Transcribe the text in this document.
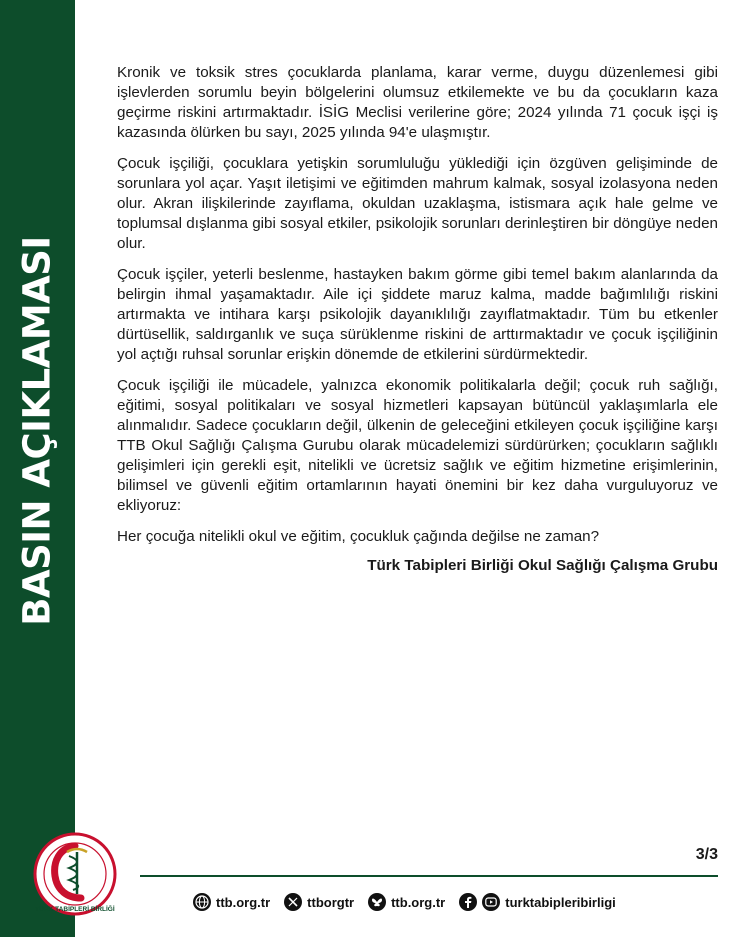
BASIN AÇIKLAMASI
TÜRK TABİPLERİ BİRLİĞİ

Kronik ve toksik stres çocuklarda planlama, karar verme, duygu düzenlemesi gibi işlevlerden sorumlu beyin bölgelerini olumsuz etkilemekte ve bu da çocukların kaza geçirme riskini artırmaktadır. İSİG Meclisi verilerine göre; 2024 yılında 71 çocuk işçi iş kazasında ölürken bu sayı, 2025 yılında 94'e ulaşmıştır.

Çocuk işçiliği, çocuklara yetişkin sorumluluğu yüklediği için özgüven gelişiminde de sorunlara yol açar. Yaşıt iletişimi ve eğitimden mahrum kalmak, sosyal izolasyona neden olur. Akran ilişkilerinde zayıflama, okuldan uzaklaşma, istismara açık hale gelme ve toplumsal dışlanma gibi sosyal etkiler, psikolojik sorunları derinleştiren bir döngüye neden olur.

Çocuk işçiler, yeterli beslenme, hastayken bakım görme gibi temel bakım alanlarında da belirgin ihmal yaşamaktadır. Aile içi şiddete maruz kalma, madde bağımlılığı riskini artırmakta ve intihara karşı psikolojik dayanıklılığı zayıflatmaktadır. Tüm bu etkenler dürtüsellik, saldırganlık ve suça sürüklenme riskini de arttırmaktadır ve çocuk işçiliğinin yol açtığı ruhsal sorunlar erişkin dönemde de etkilerini sürdürmektedir.

Çocuk işçiliği ile mücadele, yalnızca ekonomik politikalarla değil; çocuk ruh sağlığı, eğitimi, sosyal politikaları ve sosyal hizmetleri kapsayan bütüncül yaklaşımlarla ele alınmalıdır. Sadece çocukların değil, ülkenin de geleceğini etkileyen çocuk işçiliğine karşı TTB Okul Sağlığı Çalışma Gurubu olarak mücadelemizi sürdürürken; çocukların sağlıklı gelişimleri için gerekli eşit, nitelikli ve ücretsiz sağlık ve eğitim hizmetine erişimlerinin, bilimsel ve güvenli eğitim ortamlarının hayati önemini bir kez daha vurguluyoruz ve ekliyoruz:

Her çocuğa nitelikli okul ve eğitim, çocukluk çağında değilse ne zaman?

Türk Tabipleri Birliği Okul Sağlığı Çalışma Grubu

3/3
ttb.org.tr	ttborgtr	ttb.org.tr	turktabipleribirligi
